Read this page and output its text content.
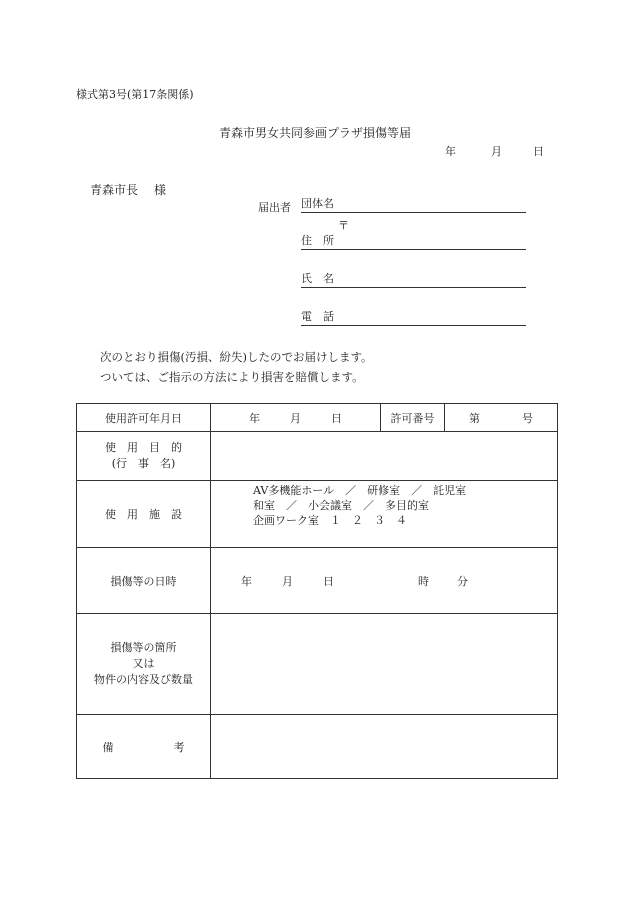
様式第3号(第17条関係)
青森市男女共同参画プラザ損傷等届
年	月	日
青森市長 様
届出者 団体名
〒
住　所
氏　名
電　話
次のとおり損傷(汚損、紛失)したのでお届けします。
ついては、ご指示の方法により損害を賠償します。
使用許可年月日	年 月 日	許可番号	第 号

使　用　目　的
(行　事　名)			

使　用　施　設	AV多機能ホール　／　研修室　／　託児室
和室　／　小会議室　／　多目的室
企画ワーク室　１　２　３　４		

損傷等の日時	年 月 日 時 分		

損傷等の箇所
又は
物件の内容及び数量			

備 考			
